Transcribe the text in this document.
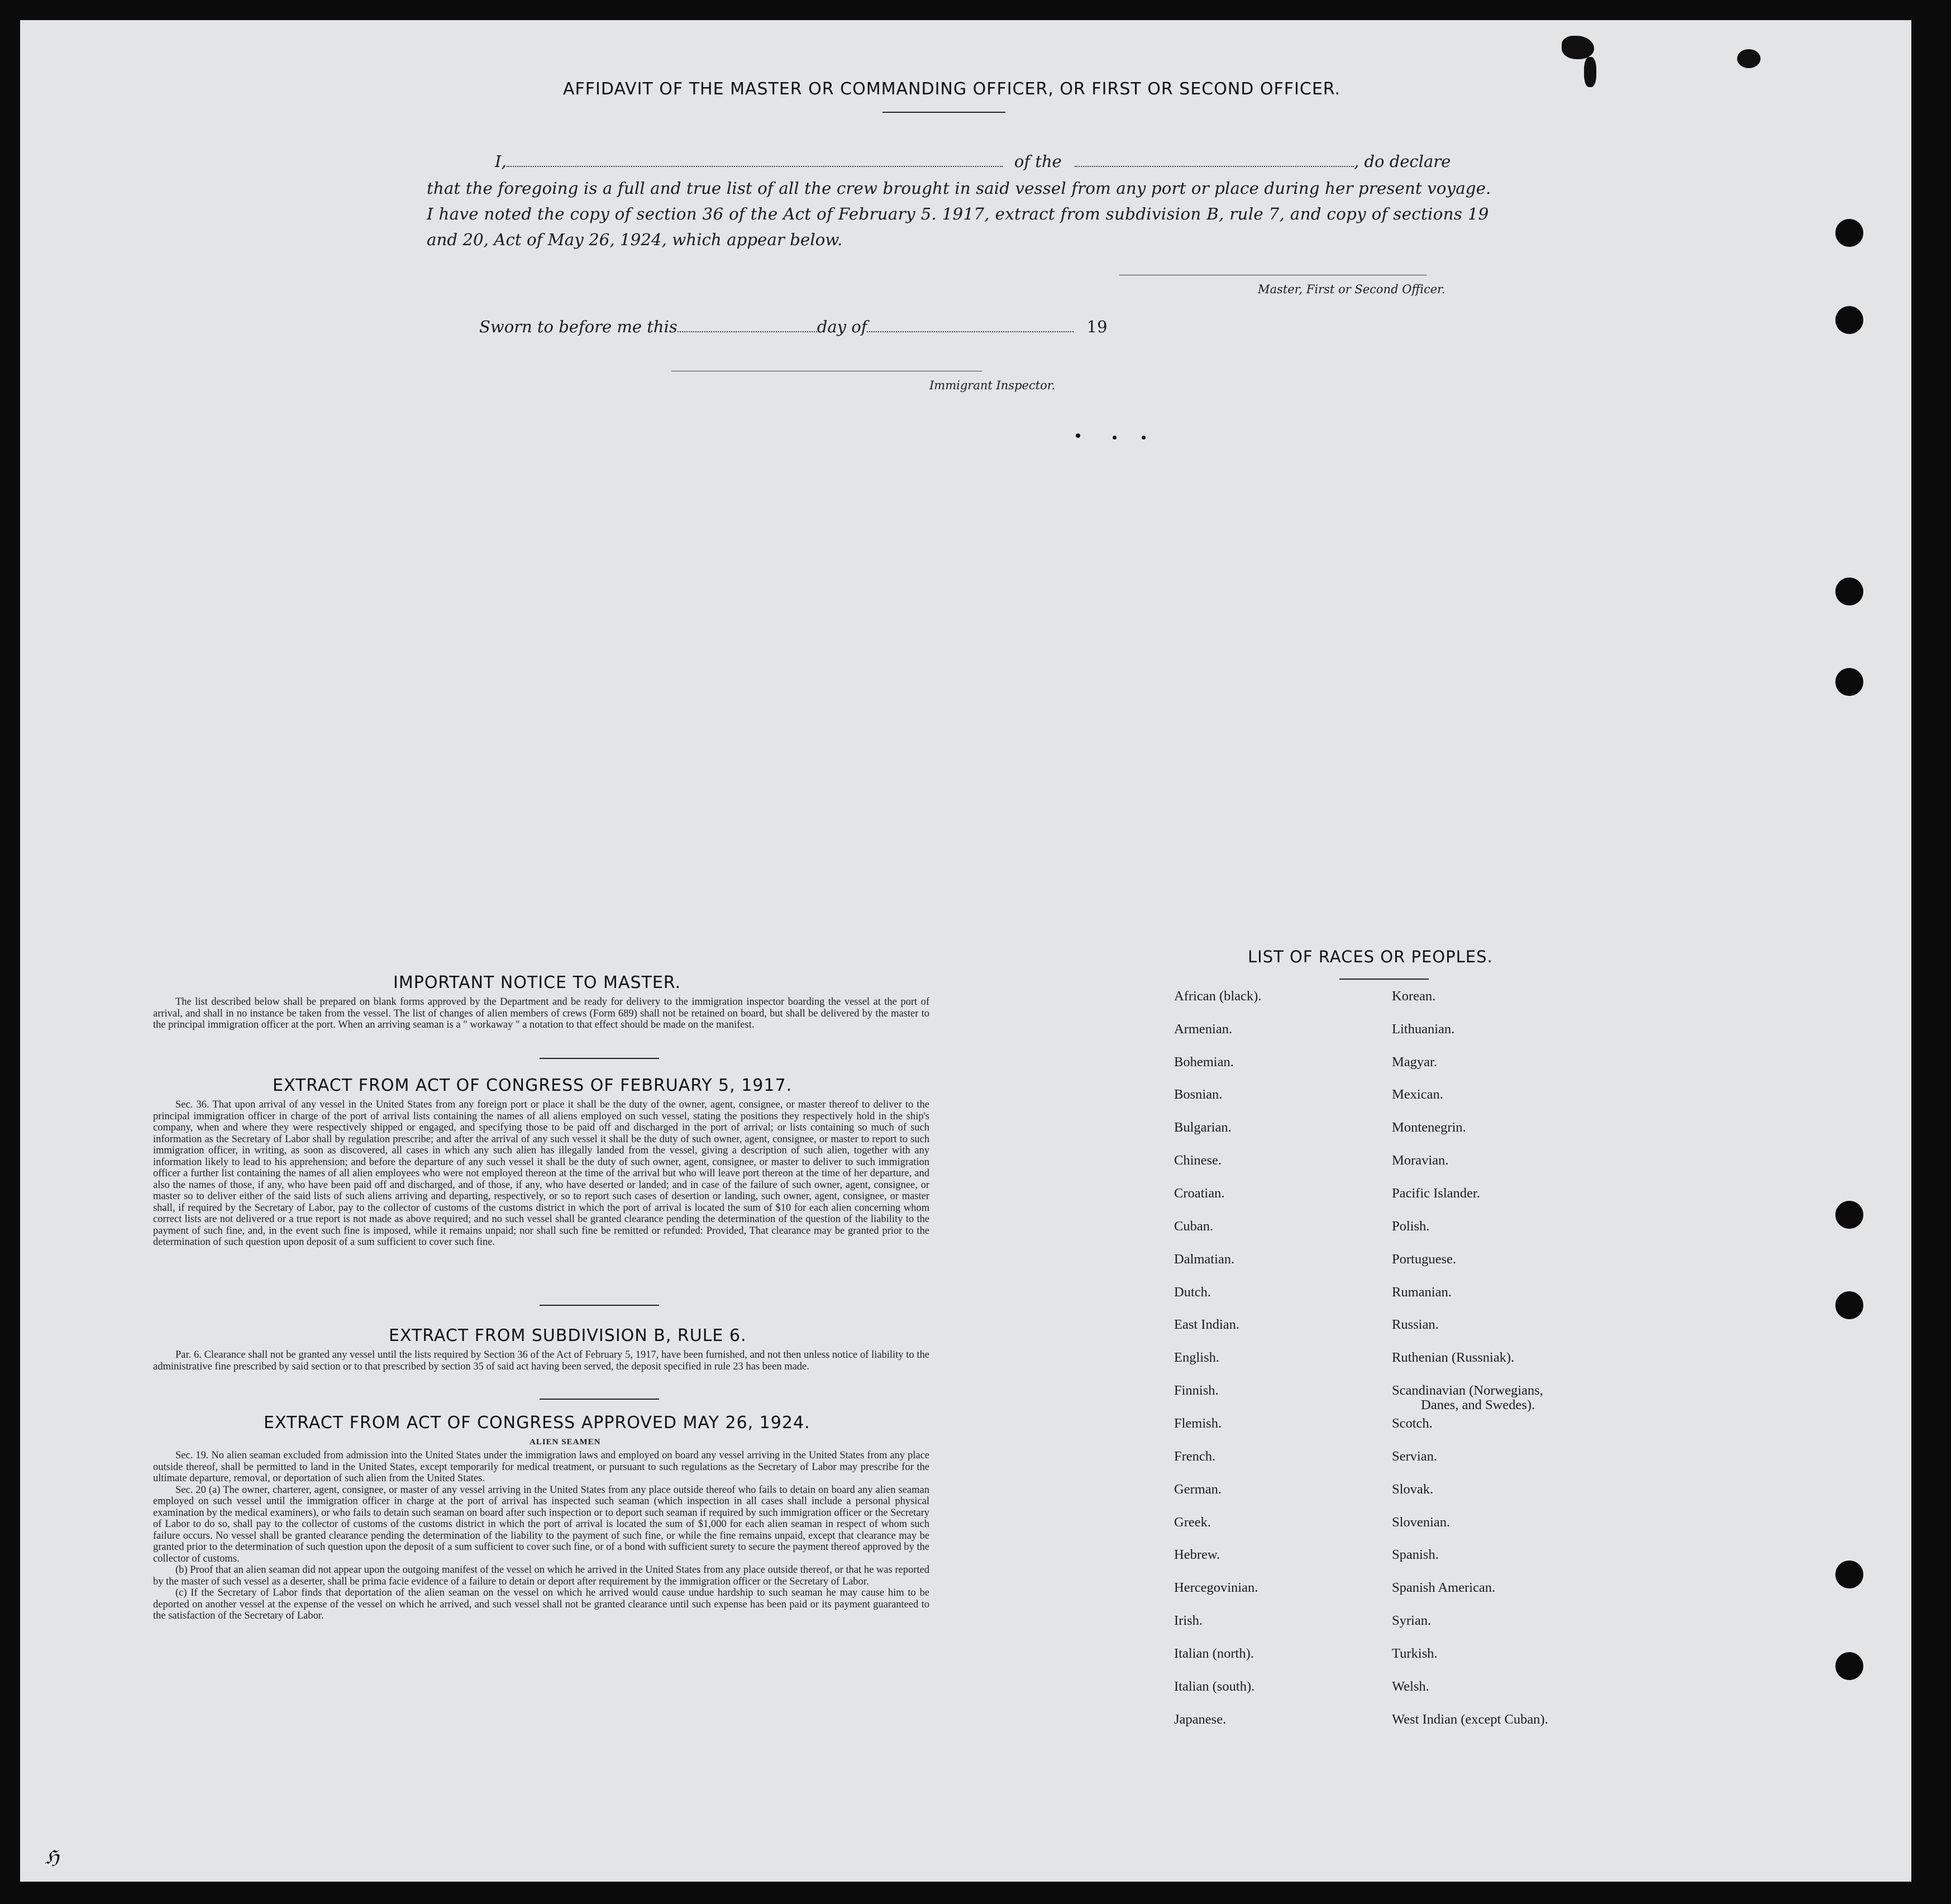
AFFIDAVIT OF THE MASTER OR COMMANDING OFFICER, OR FIRST OR SECOND OFFICER.
I,	of the	, do declare
that the foregoing is a full and true list of all the crew brought in said vessel from any port or place during her present voyage.
I have noted the copy of section 36 of the Act of February 5. 1917, extract from subdivision B, rule 7, and copy of sections 19
and 20, Act of May 26, 1924, which appear below.
Master, First or Second Officer.
Sworn to before me this	day of	19
Immigrant Inspector.
IMPORTANT NOTICE TO MASTER.

The list described below shall be prepared on blank forms approved by the Department and be ready for delivery to the immigration inspector boarding the vessel at the port of arrival, and shall in no instance be taken from the vessel. The list of changes of alien members of crews (Form 689) shall not be retained on board, but shall be delivered by the master to the principal immigration officer at the port. When an arriving seaman is a " workaway " a notation to that effect should be made on the manifest.

EXTRACT FROM ACT OF CONGRESS OF FEBRUARY 5, 1917.

Sec. 36. That upon arrival of any vessel in the United States from any foreign port or place it shall be the duty of the owner, agent, consignee, or master thereof to deliver to the principal immigration officer in charge of the port of arrival lists containing the names of all aliens employed on such vessel, stating the positions they respectively hold in the ship's company, when and where they were respectively shipped or engaged, and specifying those to be paid off and discharged in the port of arrival; or lists containing so much of such information as the Secretary of Labor shall by regulation prescribe; and after the arrival of any such vessel it shall be the duty of such owner, agent, consignee, or master to report to such immigration officer, in writing, as soon as discovered, all cases in which any such alien has illegally landed from the vessel, giving a description of such alien, together with any information likely to lead to his apprehension; and before the departure of any such vessel it shall be the duty of such owner, agent, consignee, or master to deliver to such immigration officer a further list containing the names of all alien employees who were not employed thereon at the time of the arrival but who will leave port thereon at the time of her departure, and also the names of those, if any, who have been paid off and discharged, and of those, if any, who have deserted or landed; and in case of the failure of such owner, agent, consignee, or master so to deliver either of the said lists of such aliens arriving and departing, respectively, or so to report such cases of desertion or landing, such owner, agent, consignee, or master shall, if required by the Secretary of Labor, pay to the collector of customs of the customs district in which the port of arrival is located the sum of $10 for each alien concerning whom correct lists are not delivered or a true report is not made as above required; and no such vessel shall be granted clearance pending the determination of the question of the liability to the payment of such fine, and, in the event such fine is imposed, while it remains unpaid; nor shall such fine be remitted or refunded: Provided, That clearance may be granted prior to the determination of such question upon deposit of a sum sufficient to cover such fine.

EXTRACT FROM SUBDIVISION B, RULE 6.

Par. 6. Clearance shall not be granted any vessel until the lists required by Section 36 of the Act of February 5, 1917, have been furnished, and not then unless notice of liability to the administrative fine prescribed by said section or to that prescribed by section 35 of said act having been served, the deposit specified in rule 23 has been made.

EXTRACT FROM ACT OF CONGRESS APPROVED MAY 26, 1924.
ALIEN SEAMEN

Sec. 19. No alien seaman excluded from admission into the United States under the immigration laws and employed on board any vessel arriving in the United States from any place outside thereof, shall be permitted to land in the United States, except temporarily for medical treatment, or pursuant to such regulations as the Secretary of Labor may prescribe for the ultimate departure, removal, or deportation of such alien from the United States.

Sec. 20 (a) The owner, charterer, agent, consignee, or master of any vessel arriving in the United States from any place outside thereof who fails to detain on board any alien seaman employed on such vessel until the immigration officer in charge at the port of arrival has inspected such seaman (which inspection in all cases shall include a personal physical examination by the medical examiners), or who fails to detain such seaman on board after such inspection or to deport such seaman if required by such immigration officer or the Secretary of Labor to do so, shall pay to the collector of customs of the customs district in which the port of arrival is located the sum of $1,000 for each alien seaman in respect of whom such failure occurs. No vessel shall be granted clearance pending the determination of the liability to the payment of such fine, or while the fine remains unpaid, except that clearance may be granted prior to the determination of such question upon the deposit of a sum sufficient to cover such fine, or of a bond with sufficient surety to secure the payment thereof approved by the collector of customs.

(b) Proof that an alien seaman did not appear upon the outgoing manifest of the vessel on which he arrived in the United States from any place outside thereof, or that he was reported by the master of such vessel as a deserter, shall be prima facie evidence of a failure to detain or deport after requirement by the immigration officer or the Secretary of Labor.

(c) If the Secretary of Labor finds that deportation of the alien seaman on the vessel on which he arrived would cause undue hardship to such seaman he may cause him to be deported on another vessel at the expense of the vessel on which he arrived, and such vessel shall not be granted clearance until such expense has been paid or its payment guaranteed to the satisfaction of the Secretary of Labor.

LIST OF RACES OR PEOPLES.
African (black).
Armenian.
Bohemian.
Bosnian.
Bulgarian.
Chinese.
Croatian.
Cuban.
Dalmatian.
Dutch.
East Indian.
English.
Finnish.
Flemish.
French.
German.
Greek.
Hebrew.
Hercegovinian.
Irish.
Italian (north).
Italian (south).
Japanese.
Korean.
Lithuanian.
Magyar.
Mexican.
Montenegrin.
Moravian.
Pacific Islander.
Polish.
Portuguese.
Rumanian.
Russian.
Ruthenian (Russniak).
Scandinavian (Norwegians,
Danes, and Swedes).
Scotch.
Servian.
Slovak.
Slovenian.
Spanish.
Spanish American.
Syrian.
Turkish.
Welsh.
West Indian (except Cuban).
ℌ
